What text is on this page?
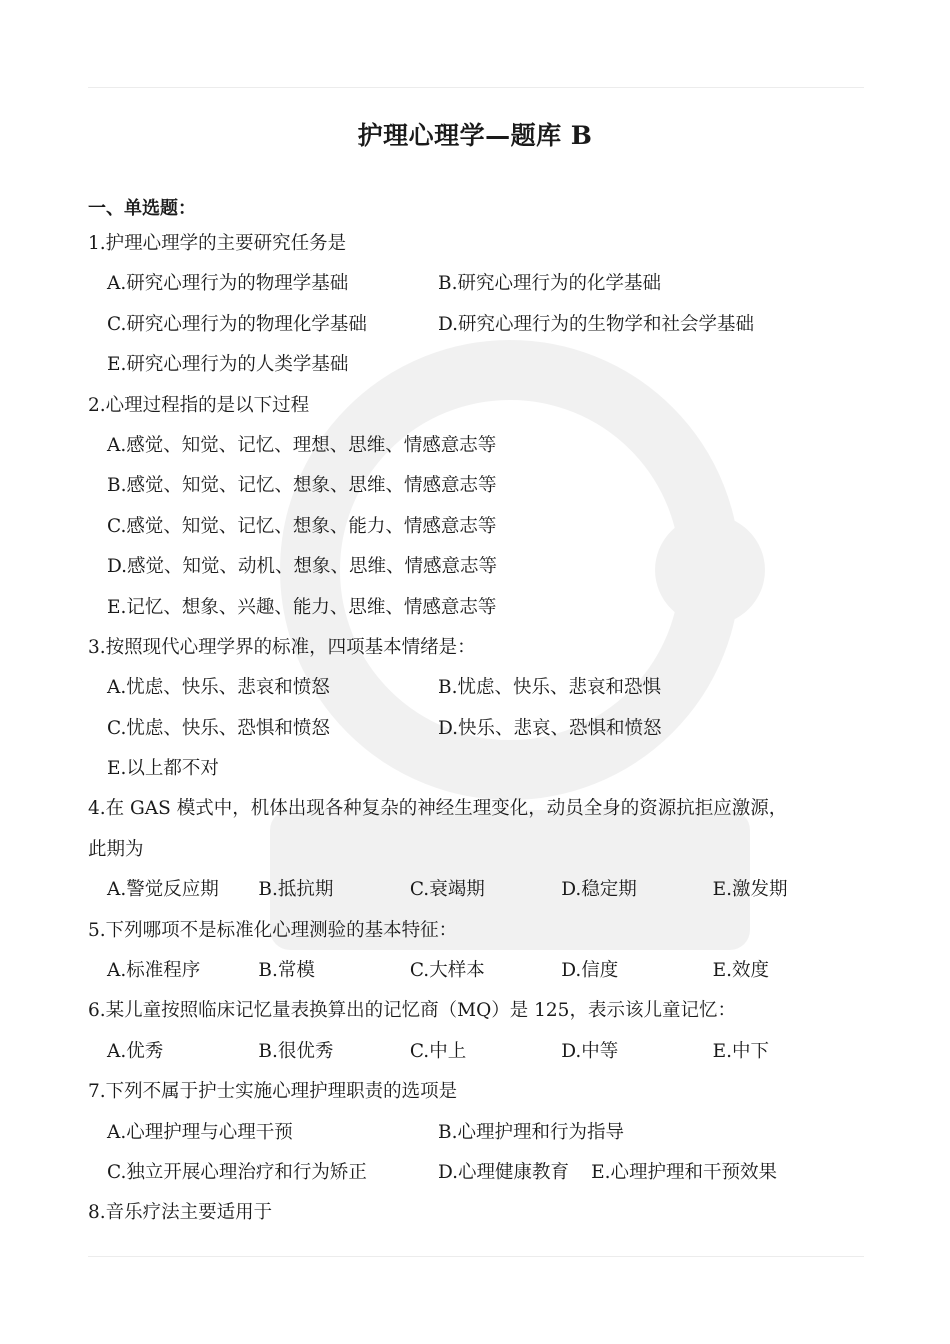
护理心理学—题库 B
一、单选题：
1.护理心理学的主要研究任务是
A.研究心理行为的物理学基础	B.研究心理行为的化学基础
C.研究心理行为的物理化学基础	D.研究心理行为的生物学和社会学基础
E.研究心理行为的人类学基础
2.心理过程指的是以下过程
A.感觉、知觉、记忆、理想、思维、情感意志等
B.感觉、知觉、记忆、想象、思维、情感意志等
C.感觉、知觉、记忆、想象、能力、情感意志等
D.感觉、知觉、动机、想象、思维、情感意志等
E.记忆、想象、兴趣、能力、思维、情感意志等
3.按照现代心理学界的标准，四项基本情绪是：
A.忧虑、快乐、悲哀和愤怒	B.忧虑、快乐、悲哀和恐惧
C.忧虑、快乐、恐惧和愤怒	D.快乐、悲哀、恐惧和愤怒
E.以上都不对
4.在 GAS 模式中，机体出现各种复杂的神经生理变化，动员全身的资源抗拒应激源，
此期为
A.警觉反应期	B.抵抗期	C.衰竭期	D.稳定期	E.激发期
5.下列哪项不是标准化心理测验的基本特征：
A.标准程序	B.常模	C.大样本	D.信度	E.效度
6.某儿童按照临床记忆量表换算出的记忆商（MQ）是 125，表示该儿童记忆：
A.优秀	B.很优秀	C.中上	D.中等	E.中下
7.下列不属于护士实施心理护理职责的选项是
A.心理护理与心理干预	B.心理护理和行为指导
C.独立开展心理治疗和行为矫正	D.心理健康教育	E.心理护理和干预效果
8.音乐疗法主要适用于
